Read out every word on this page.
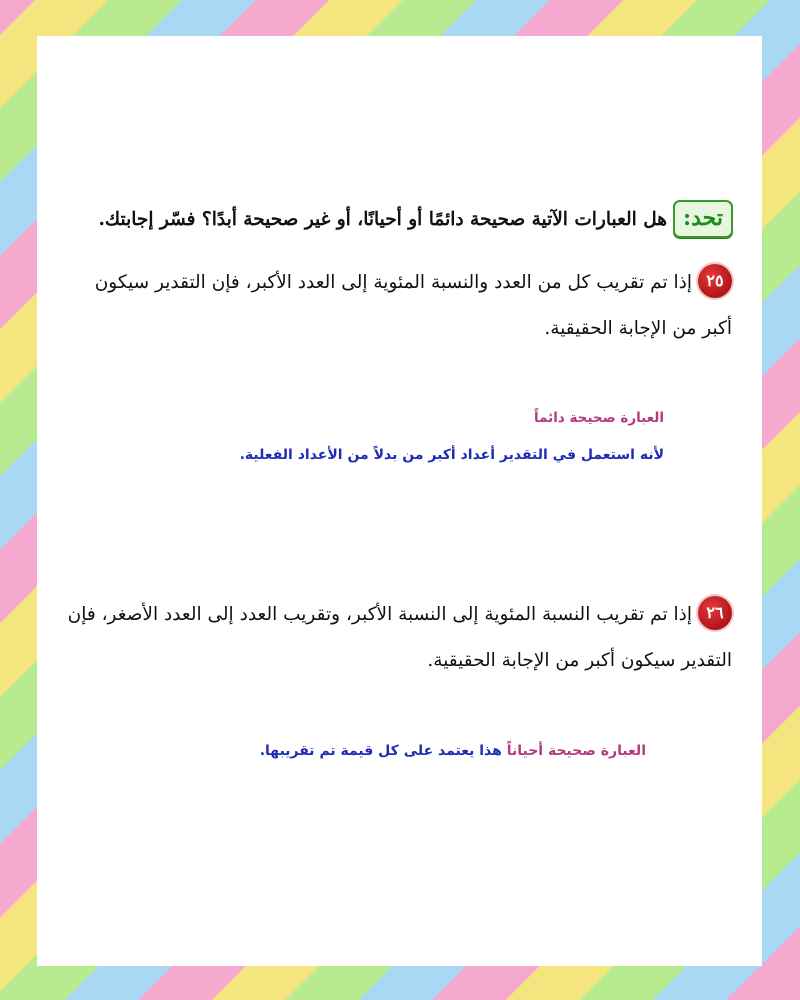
تحد:
هل العبارات الآتية صحيحة دائمًا أو أحيانًا، أو غير صحيحة أبدًا؟ فسّر إجابتك.
٢٥
إذا تم تقريب كل من العدد والنسبة المئوية إلى العدد الأكبر، فإن التقدير سيكون أكبر من الإجابة الحقيقية.
العبارة صحيحة دائماً
لأنه استعمل في التقدير أعداد أكبر من بدلاً من الأعداد الفعلية.
٢٦
إذا تم تقريب النسبة المئوية إلى النسبة الأكبر، وتقريب العدد إلى العدد الأصغر، فإن التقدير سيكون أكبر من الإجابة الحقيقية.
العبارة صحيحة أحياناً هذا يعتمد على كل قيمة تم تقريبها.
